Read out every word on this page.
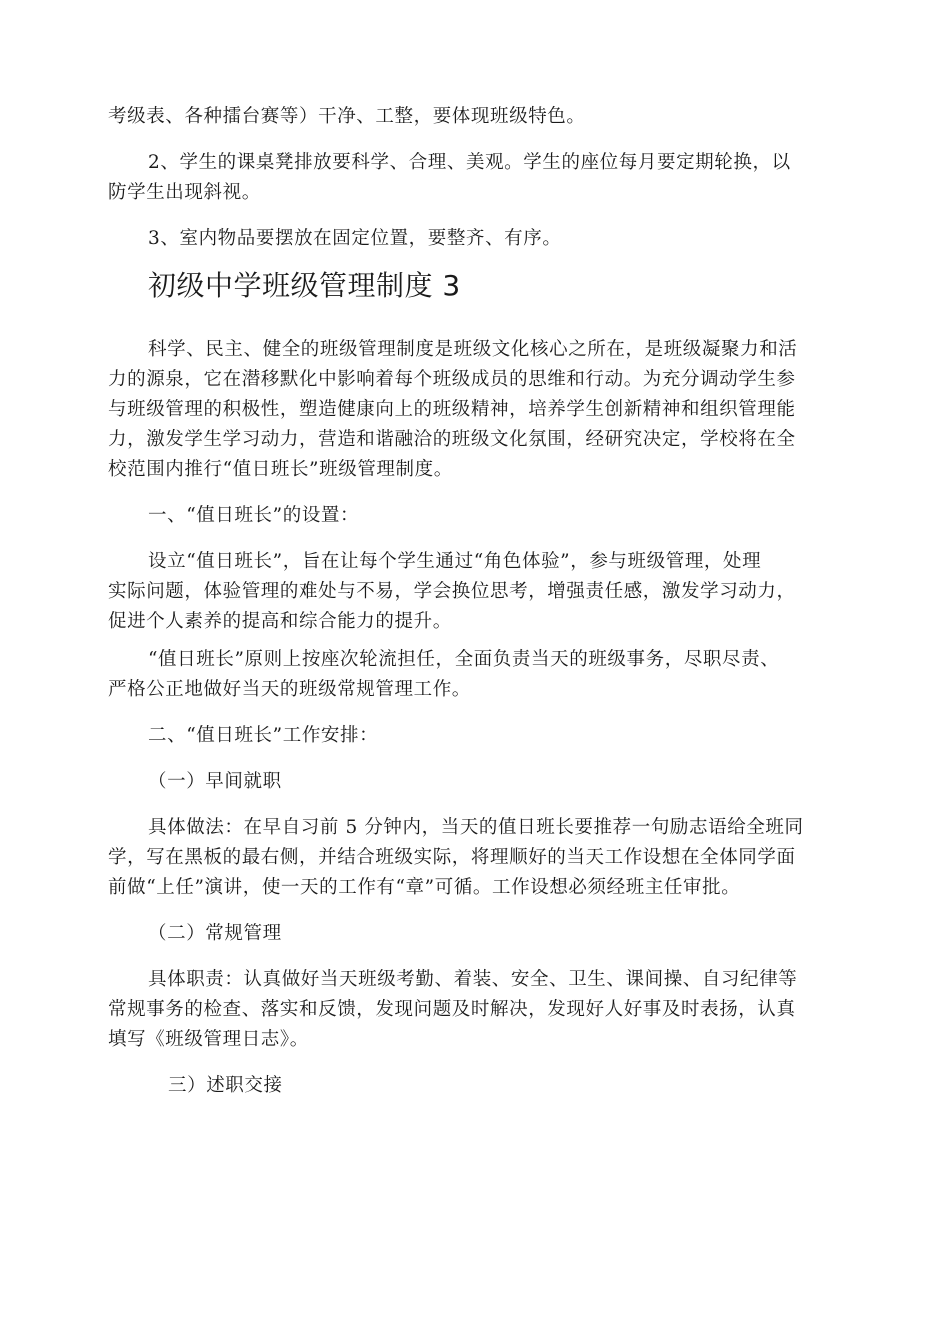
考级表、各种擂台赛等）干净、工整，要体现班级特色。
2、学生的课桌凳排放要科学、合理、美观。学生的座位每月要定期轮换，以
防学生出现斜视。
3、室内物品要摆放在固定位置，要整齐、有序。
初级中学班级管理制度 3
科学、民主、健全的班级管理制度是班级文化核心之所在，是班级凝聚力和活
力的源泉，它在潜移默化中影响着每个班级成员的思维和行动。为充分调动学生参
与班级管理的积极性，塑造健康向上的班级精神，培养学生创新精神和组织管理能
力，激发学生学习动力，营造和谐融洽的班级文化氛围，经研究决定，学校将在全
校范围内推行“值日班长”班级管理制度。
一、“值日班长”的设置：
设立“值日班长”，旨在让每个学生通过“角色体验”，参与班级管理，处理
实际问题，体验管理的难处与不易，学会换位思考，增强责任感，激发学习动力，
促进个人素养的提高和综合能力的提升。
“值日班长”原则上按座次轮流担任，全面负责当天的班级事务，尽职尽责、
严格公正地做好当天的班级常规管理工作。
二、“值日班长”工作安排：
（一）早间就职
具体做法：在早自习前 5 分钟内，当天的值日班长要推荐一句励志语给全班同
学，写在黑板的最右侧，并结合班级实际，将理顺好的当天工作设想在全体同学面
前做“上任”演讲，使一天的工作有“章”可循。工作设想必须经班主任审批。
（二）常规管理
具体职责：认真做好当天班级考勤、着装、安全、卫生、课间操、自习纪律等
常规事务的检查、落实和反馈，发现问题及时解决，发现好人好事及时表扬，认真
填写《班级管理日志》。
三）述职交接
